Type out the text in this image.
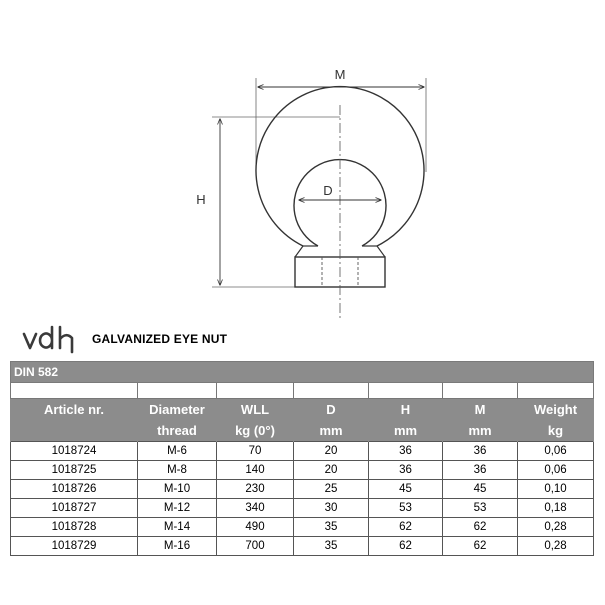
M
H
D
GALVANIZED EYE NUT
DIN 582						

Article nr.	Diameter	WLL	D	H	M	Weight
	thread	kg (0°)	mm	mm	mm	kg
1018724	M-6	70	20	36	36	0,06
1018725	M-8	140	20	36	36	0,06
1018726	M-10	230	25	45	45	0,10
1018727	M-12	340	30	53	53	0,18
1018728	M-14	490	35	62	62	0,28
1018729	M-16	700	35	62	62	0,28
